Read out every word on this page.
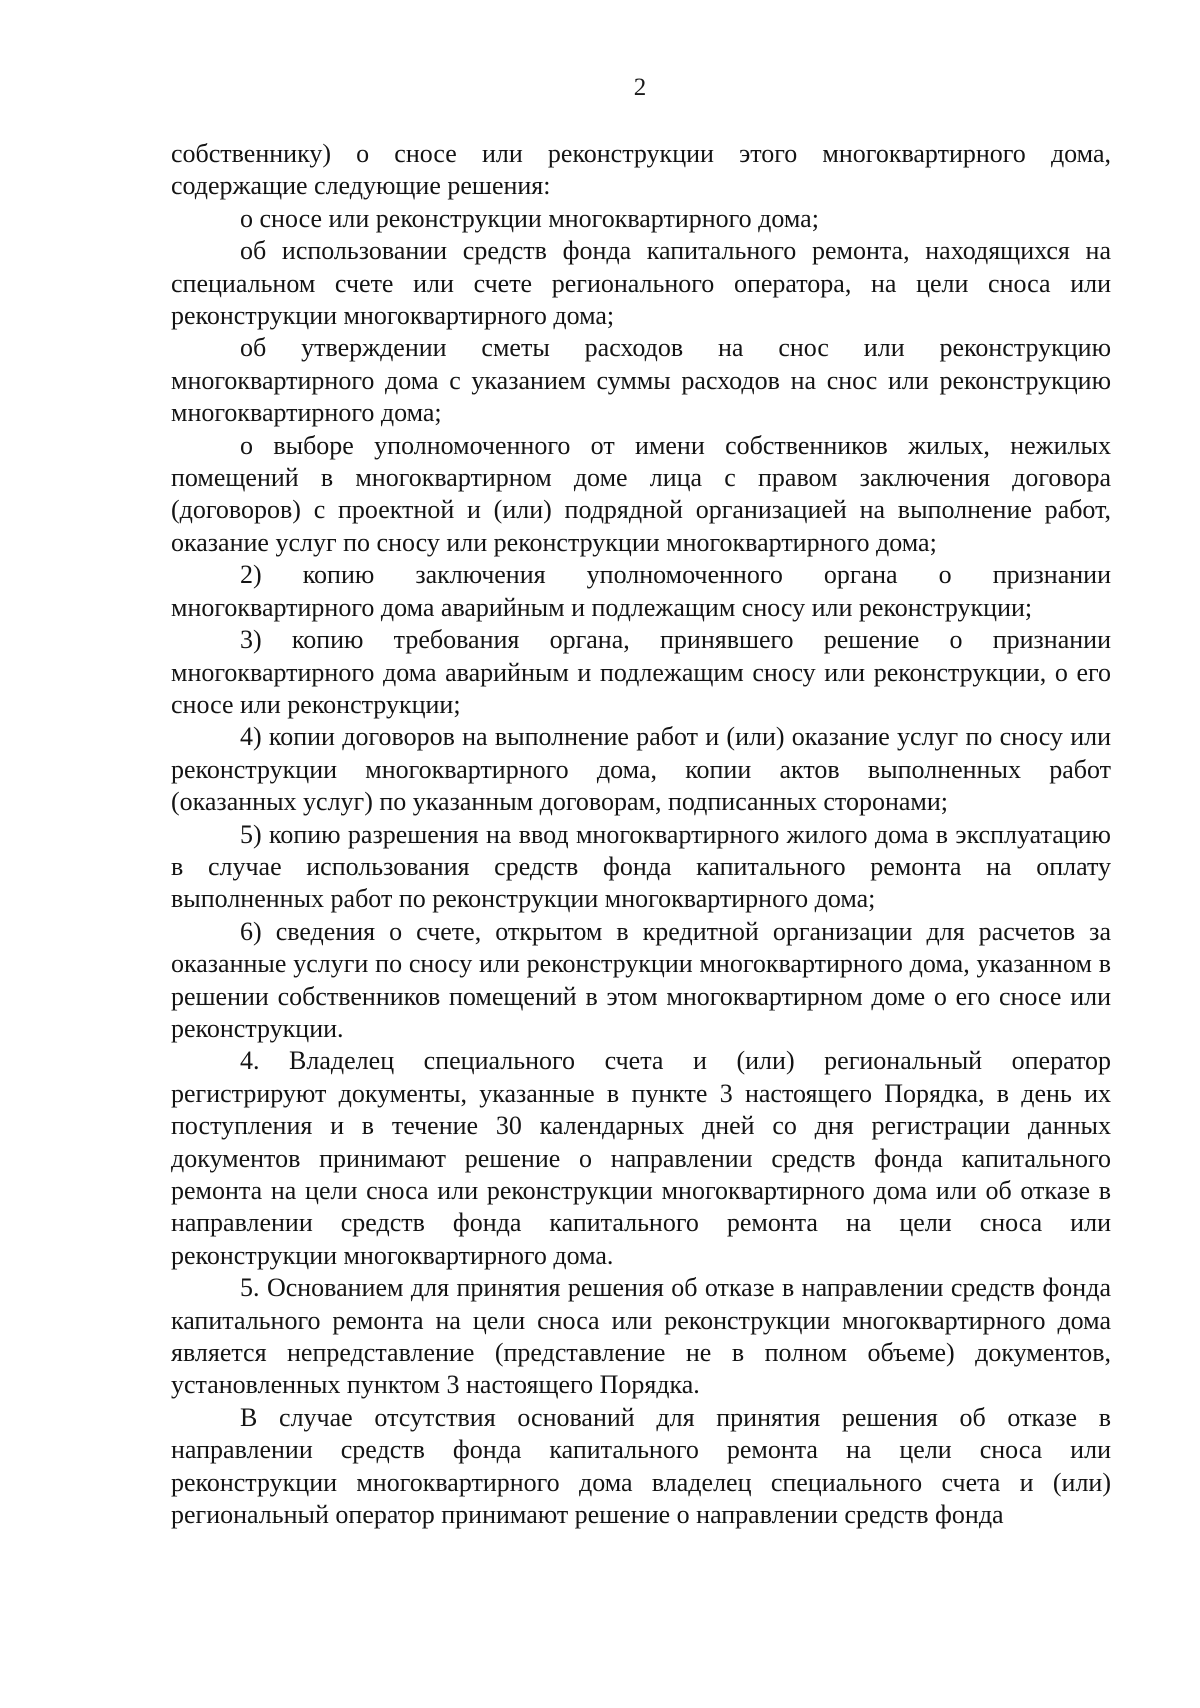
2

собственнику) о сносе или реконструкции этого многоквартирного дома, содержащие следующие решения:

о сносе или реконструкции многоквартирного дома;

об использовании средств фонда капитального ремонта, находящихся на специальном счете или счете регионального оператора, на цели сноса или реконструкции многоквартирного дома;

об утверждении сметы расходов на снос или реконструкцию многоквартирного дома с указанием суммы расходов на снос или реконструкцию многоквартирного дома;

о выборе уполномоченного от имени собственников жилых, нежилых помещений в многоквартирном доме лица с правом заключения договора (договоров) с проектной и (или) подрядной организацией на выполнение работ, оказание услуг по сносу или реконструкции многоквартирного дома;

2) копию заключения уполномоченного органа о признании многоквартирного дома аварийным и подлежащим сносу или реконструкции;

3) копию требования органа, принявшего решение о признании многоквартирного дома аварийным и подлежащим сносу или реконструкции, о его сносе или реконструкции;

4) копии договоров на выполнение работ и (или) оказание услуг по сносу или реконструкции многоквартирного дома, копии актов выполненных работ (оказанных услуг) по указанным договорам, подписанных сторонами;

5) копию разрешения на ввод многоквартирного жилого дома в эксплуатацию в случае использования средств фонда капитального ремонта на оплату выполненных работ по реконструкции многоквартирного дома;

6) сведения о счете, открытом в кредитной организации для расчетов за оказанные услуги по сносу или реконструкции многоквартирного дома, указанном в решении собственников помещений в этом многоквартирном доме о его сносе или реконструкции.

4. Владелец специального счета и (или) региональный оператор регистрируют документы, указанные в пункте 3 настоящего Порядка, в день их поступления и в течение 30 календарных дней со дня регистрации данных документов принимают решение о направлении средств фонда капитального ремонта на цели сноса или реконструкции многоквартирного дома или об отказе в направлении средств фонда капитального ремонта на цели сноса или реконструкции многоквартирного дома.

5. Основанием для принятия решения об отказе в направлении средств фонда капитального ремонта на цели сноса или реконструкции многоквартирного дома является непредставление (представление не в полном объеме) документов, установленных пунктом 3 настоящего Порядка.

В случае отсутствия оснований для принятия решения об отказе в направлении средств фонда капитального ремонта на цели сноса или реконструкции многоквартирного дома владелец специального счета и (или) региональный оператор принимают решение о направлении средств фонда
